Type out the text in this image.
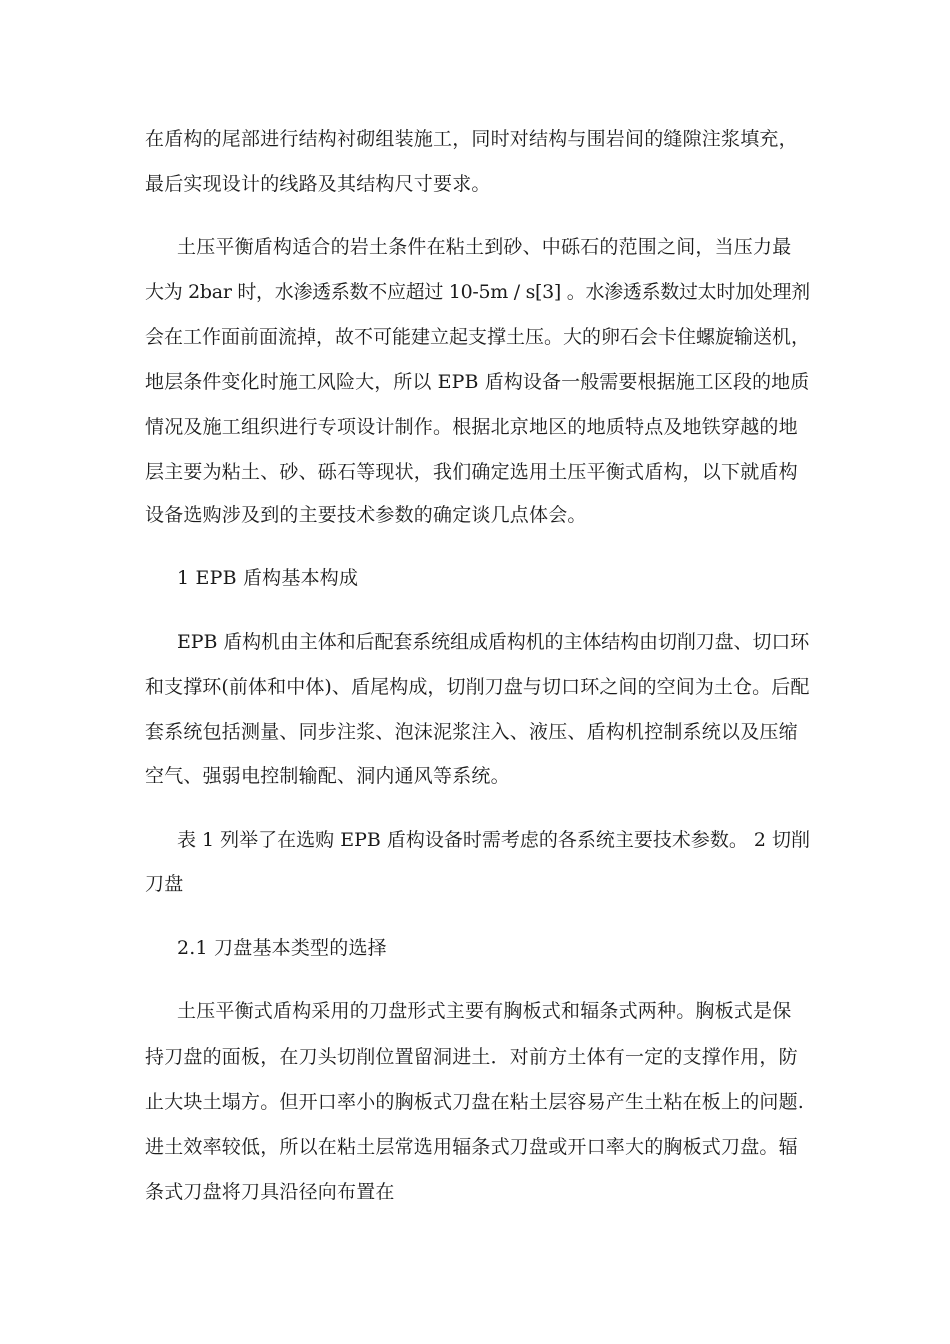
在盾构的尾部进行结构衬砌组装施工，同时对结构与围岩间的缝隙注浆填充，
最后实现设计的线路及其结构尺寸要求。
土压平衡盾构适合的岩土条件在粘土到砂、中砾石的范围之间，当压力最
大为 2bar 时，水渗透系数不应超过 10-5m / s[3] 。水渗透系数过太时加处理剂
会在工作面前面流掉，故不可能建立起支撑土压。大的卵石会卡住螺旋输送机，
地层条件变化时施工风险大，所以 EPB 盾构设备一般需要根据施工区段的地质
情况及施工组织进行专项设计制作。根据北京地区的地质特点及地铁穿越的地
层主要为粘土、砂、砾石等现状，我们确定选用土压平衡式盾构，以下就盾构
设备选购涉及到的主要技术参数的确定谈几点体会。
1 EPB 盾构基本构成
EPB 盾构机由主体和后配套系统组成盾构机的主体结构由切削刀盘、切口环
和支撑环(前体和中体)、盾尾构成，切削刀盘与切口环之间的空间为土仓。后配
套系统包括测量、同步注浆、泡沫泥浆注入、液压、盾构机控制系统以及压缩
空气、强弱电控制输配、洞内通风等系统。
表 1 列举了在选购 EPB 盾构设备时需考虑的各系统主要技术参数。 2 切削
刀盘
2.1 刀盘基本类型的选择
土压平衡式盾构采用的刀盘形式主要有胸板式和辐条式两种。胸板式是保
持刀盘的面板，在刀头切削位置留洞进土．对前方土体有一定的支撑作用，防
止大块土塌方。但开口率小的胸板式刀盘在粘土层容易产生土粘在板上的问题.
进土效率较低，所以在粘土层常选用辐条式刀盘或开口率大的胸板式刀盘。辐
条式刀盘将刀具沿径向布置在
